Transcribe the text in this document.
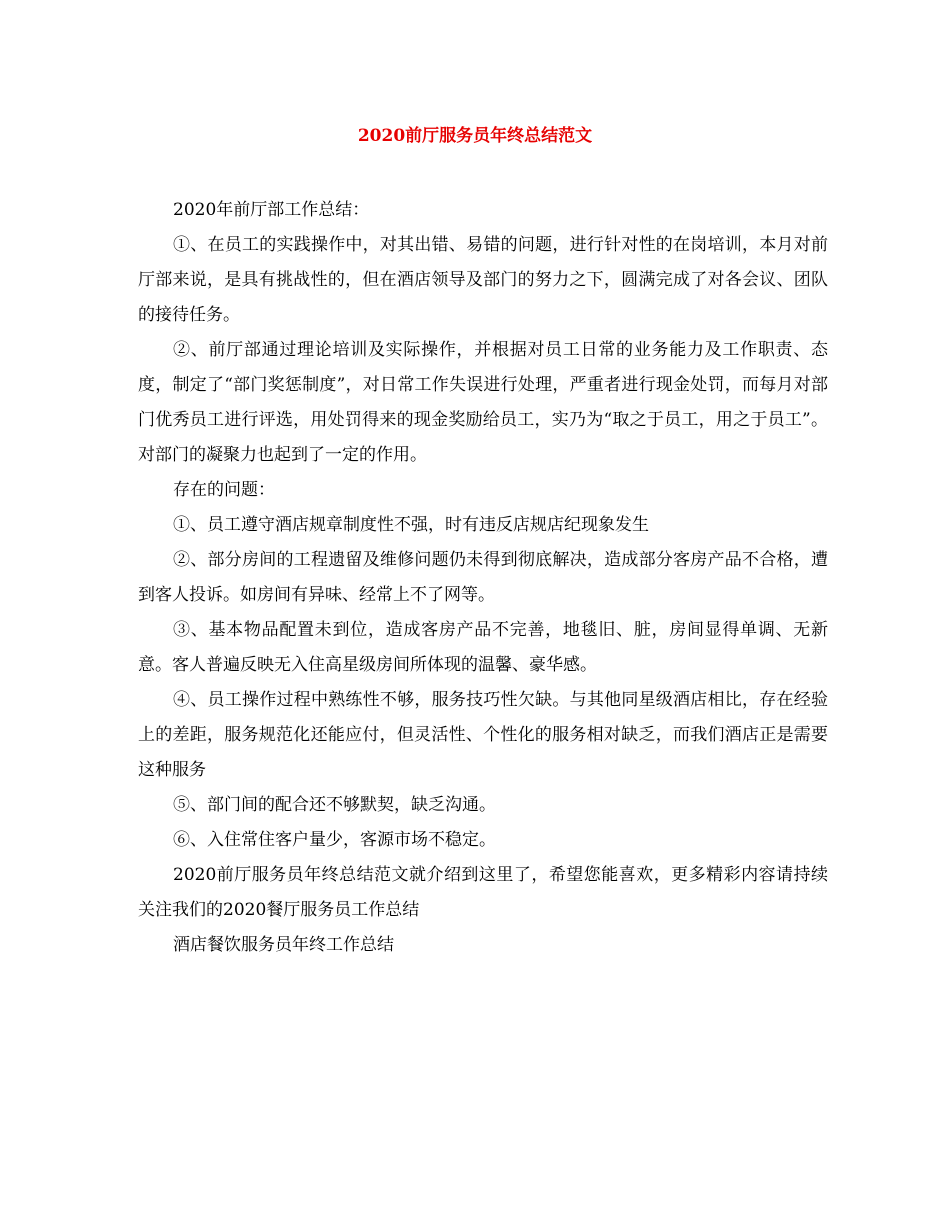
2020前厅服务员年终总结范文

2020年前厅部工作总结：

①、在员工的实践操作中，对其出错、易错的问题，进行针对性的在岗培训，本月对前厅部来说，是具有挑战性的，但在酒店领导及部门的努力之下，圆满完成了对各会议、团队的接待任务。

②、前厅部通过理论培训及实际操作，并根据对员工日常的业务能力及工作职责、态度，制定了“部门奖惩制度”，对日常工作失误进行处理，严重者进行现金处罚，而每月对部门优秀员工进行评选，用处罚得来的现金奖励给员工，实乃为“取之于员工，用之于员工”。对部门的凝聚力也起到了一定的作用。

存在的问题：

①、员工遵守酒店规章制度性不强，时有违反店规店纪现象发生

②、部分房间的工程遗留及维修问题仍未得到彻底解决，造成部分客房产品不合格，遭到客人投诉。如房间有异味、经常上不了网等。

③、基本物品配置未到位，造成客房产品不完善，地毯旧、脏，房间显得单调、无新意。客人普遍反映无入住高星级房间所体现的温馨、豪华感。

④、员工操作过程中熟练性不够，服务技巧性欠缺。与其他同星级酒店相比，存在经验上的差距，服务规范化还能应付，但灵活性、个性化的服务相对缺乏，而我们酒店正是需要这种服务

⑤、部门间的配合还不够默契，缺乏沟通。

⑥、入住常住客户量少，客源市场不稳定。

2020前厅服务员年终总结范文就介绍到这里了，希望您能喜欢，更多精彩内容请持续关注我们的2020餐厅服务员工作总结

酒店餐饮服务员年终工作总结
